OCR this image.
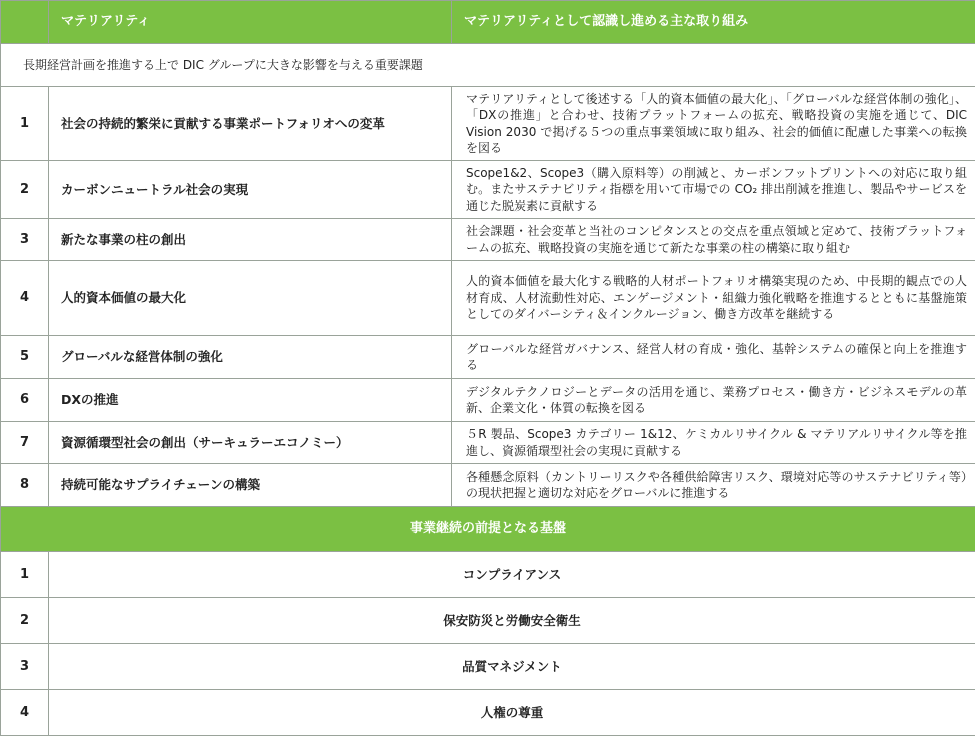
	マテリアリティ	マテリアリティとして認識し進める主な取り組み
長期経営計画を推進する上で DIC グループに大きな影響を与える重要課題		
1	社会の持続的繁栄に貢献する事業ポートフォリオへの変革	マテリアリティとして後述する「人的資本価値の最大化」、「グローバルな経営体制の強化」、「DXの推進」と合わせ、技術プラットフォームの拡充、戦略投資の実施を通じて、DIC Vision 2030 で掲げる５つの重点事業領域に取り組み、社会的価値に配慮した事業への転換を図る
2	カーボンニュートラル社会の実現	Scope1&2、Scope3（購入原料等）の削減と、カーボンフットプリントへの対応に取り組む。またサステナビリティ指標を用いて市場での CO₂ 排出削減を推進し、製品やサービスを通じた脱炭素に貢献する
3	新たな事業の柱の創出	社会課題・社会変革と当社のコンピタンスとの交点を重点領域と定めて、技術プラットフォームの拡充、戦略投資の実施を通じて新たな事業の柱の構築に取り組む
4	人的資本価値の最大化	人的資本価値を最大化する戦略的人材ポートフォリオ構築実現のため、中長期的観点での人材育成、人材流動性対応、エンゲージメント・組織力強化戦略を推進するとともに基盤施策としてのダイバーシティ＆インクルージョン、働き方改革を継続する
5	グローバルな経営体制の強化	グローバルな経営ガバナンス、経営人材の育成・強化、基幹システムの確保と向上を推進する
6	DXの推進	デジタルテクノロジーとデータの活用を通じ、業務プロセス・働き方・ビジネスモデルの革新、企業文化・体質の転換を図る
7	資源循環型社会の創出（サーキュラーエコノミー）	５R 製品、Scope3 カテゴリー 1&12、ケミカルリサイクル & マテリアルリサイクル等を推進し、資源循環型社会の実現に貢献する
8	持続可能なサプライチェーンの構築	各種懸念原料（カントリーリスクや各種供給障害リスク、環境対応等のサステナビリティ等）の現状把握と適切な対応をグローバルに推進する
事業継続の前提となる基盤		
1	コンプライアンス	
2	保安防災と労働安全衛生	
3	品質マネジメント	
4	人権の尊重	
